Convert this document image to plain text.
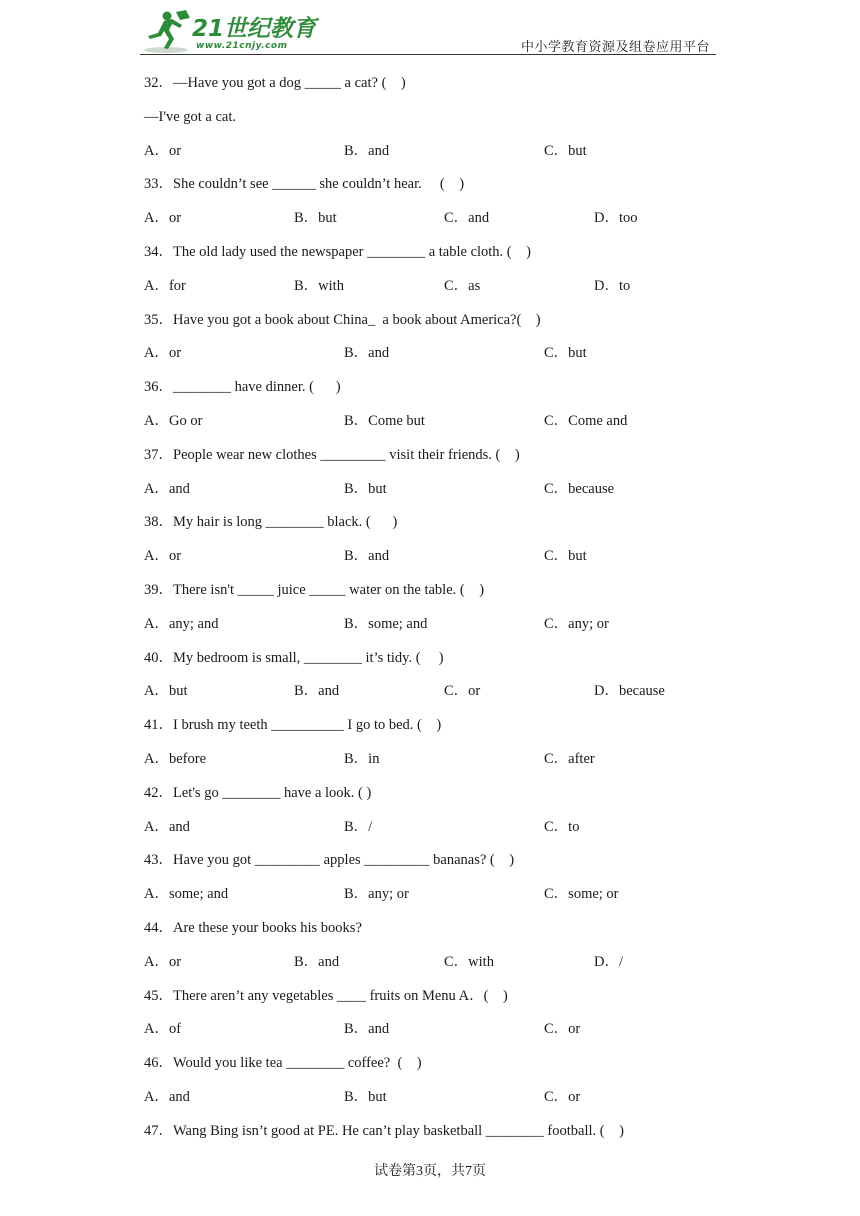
21世纪教育
www.21cnjy.com	中小学教育资源及组卷应用平台
32．—Have you got a dog _____ a cat? (    )
—I've got a cat.
A．or	B．and	C．but
33．She couldn’t see ______ she couldn’t hear.     (    )
A．or	B．but	C．and	D．too
34．The old lady used the newspaper ________ a table cloth. (    )
A．for	B．with	C．as	D．to
35．Have you got a book about China_  a book about America?(    )
A．or	B．and	C．but
36．________ have dinner. (      )
A．Go or	B．Come but	C．Come and
37．People wear new clothes _________ visit their friends. (    )
A．and	B．but	C．because
38．My hair is long ________ black. (      )
A．or	B．and	C．but
39．There isn't _____ juice _____ water on the table. (    )
A．any; and	B．some; and	C．any; or
40．My bedroom is small, ________ it’s tidy. (     )
A．but	B．and	C．or	D．because
41．I brush my teeth __________ I go to bed. (    )
A．before	B．in	C．after
42．Let's go ________ have a look. ( )
A．and	B．/	C．to
43．Have you got _________ apples _________ bananas? (    )
A．some; and	B．any; or	C．some; or
44．Are these your books his books?
A．or	B．and	C．with	D．/
45．There aren’t any vegetables ____ fruits on Menu A．(    )
A．of	B．and	C．or
46．Would you like tea ________ coffee?  (    )
A．and	B．but	C．or
47．Wang Bing isn’t good at PE. He can’t play basketball ________ football. (    )
试卷第3页，共7页
